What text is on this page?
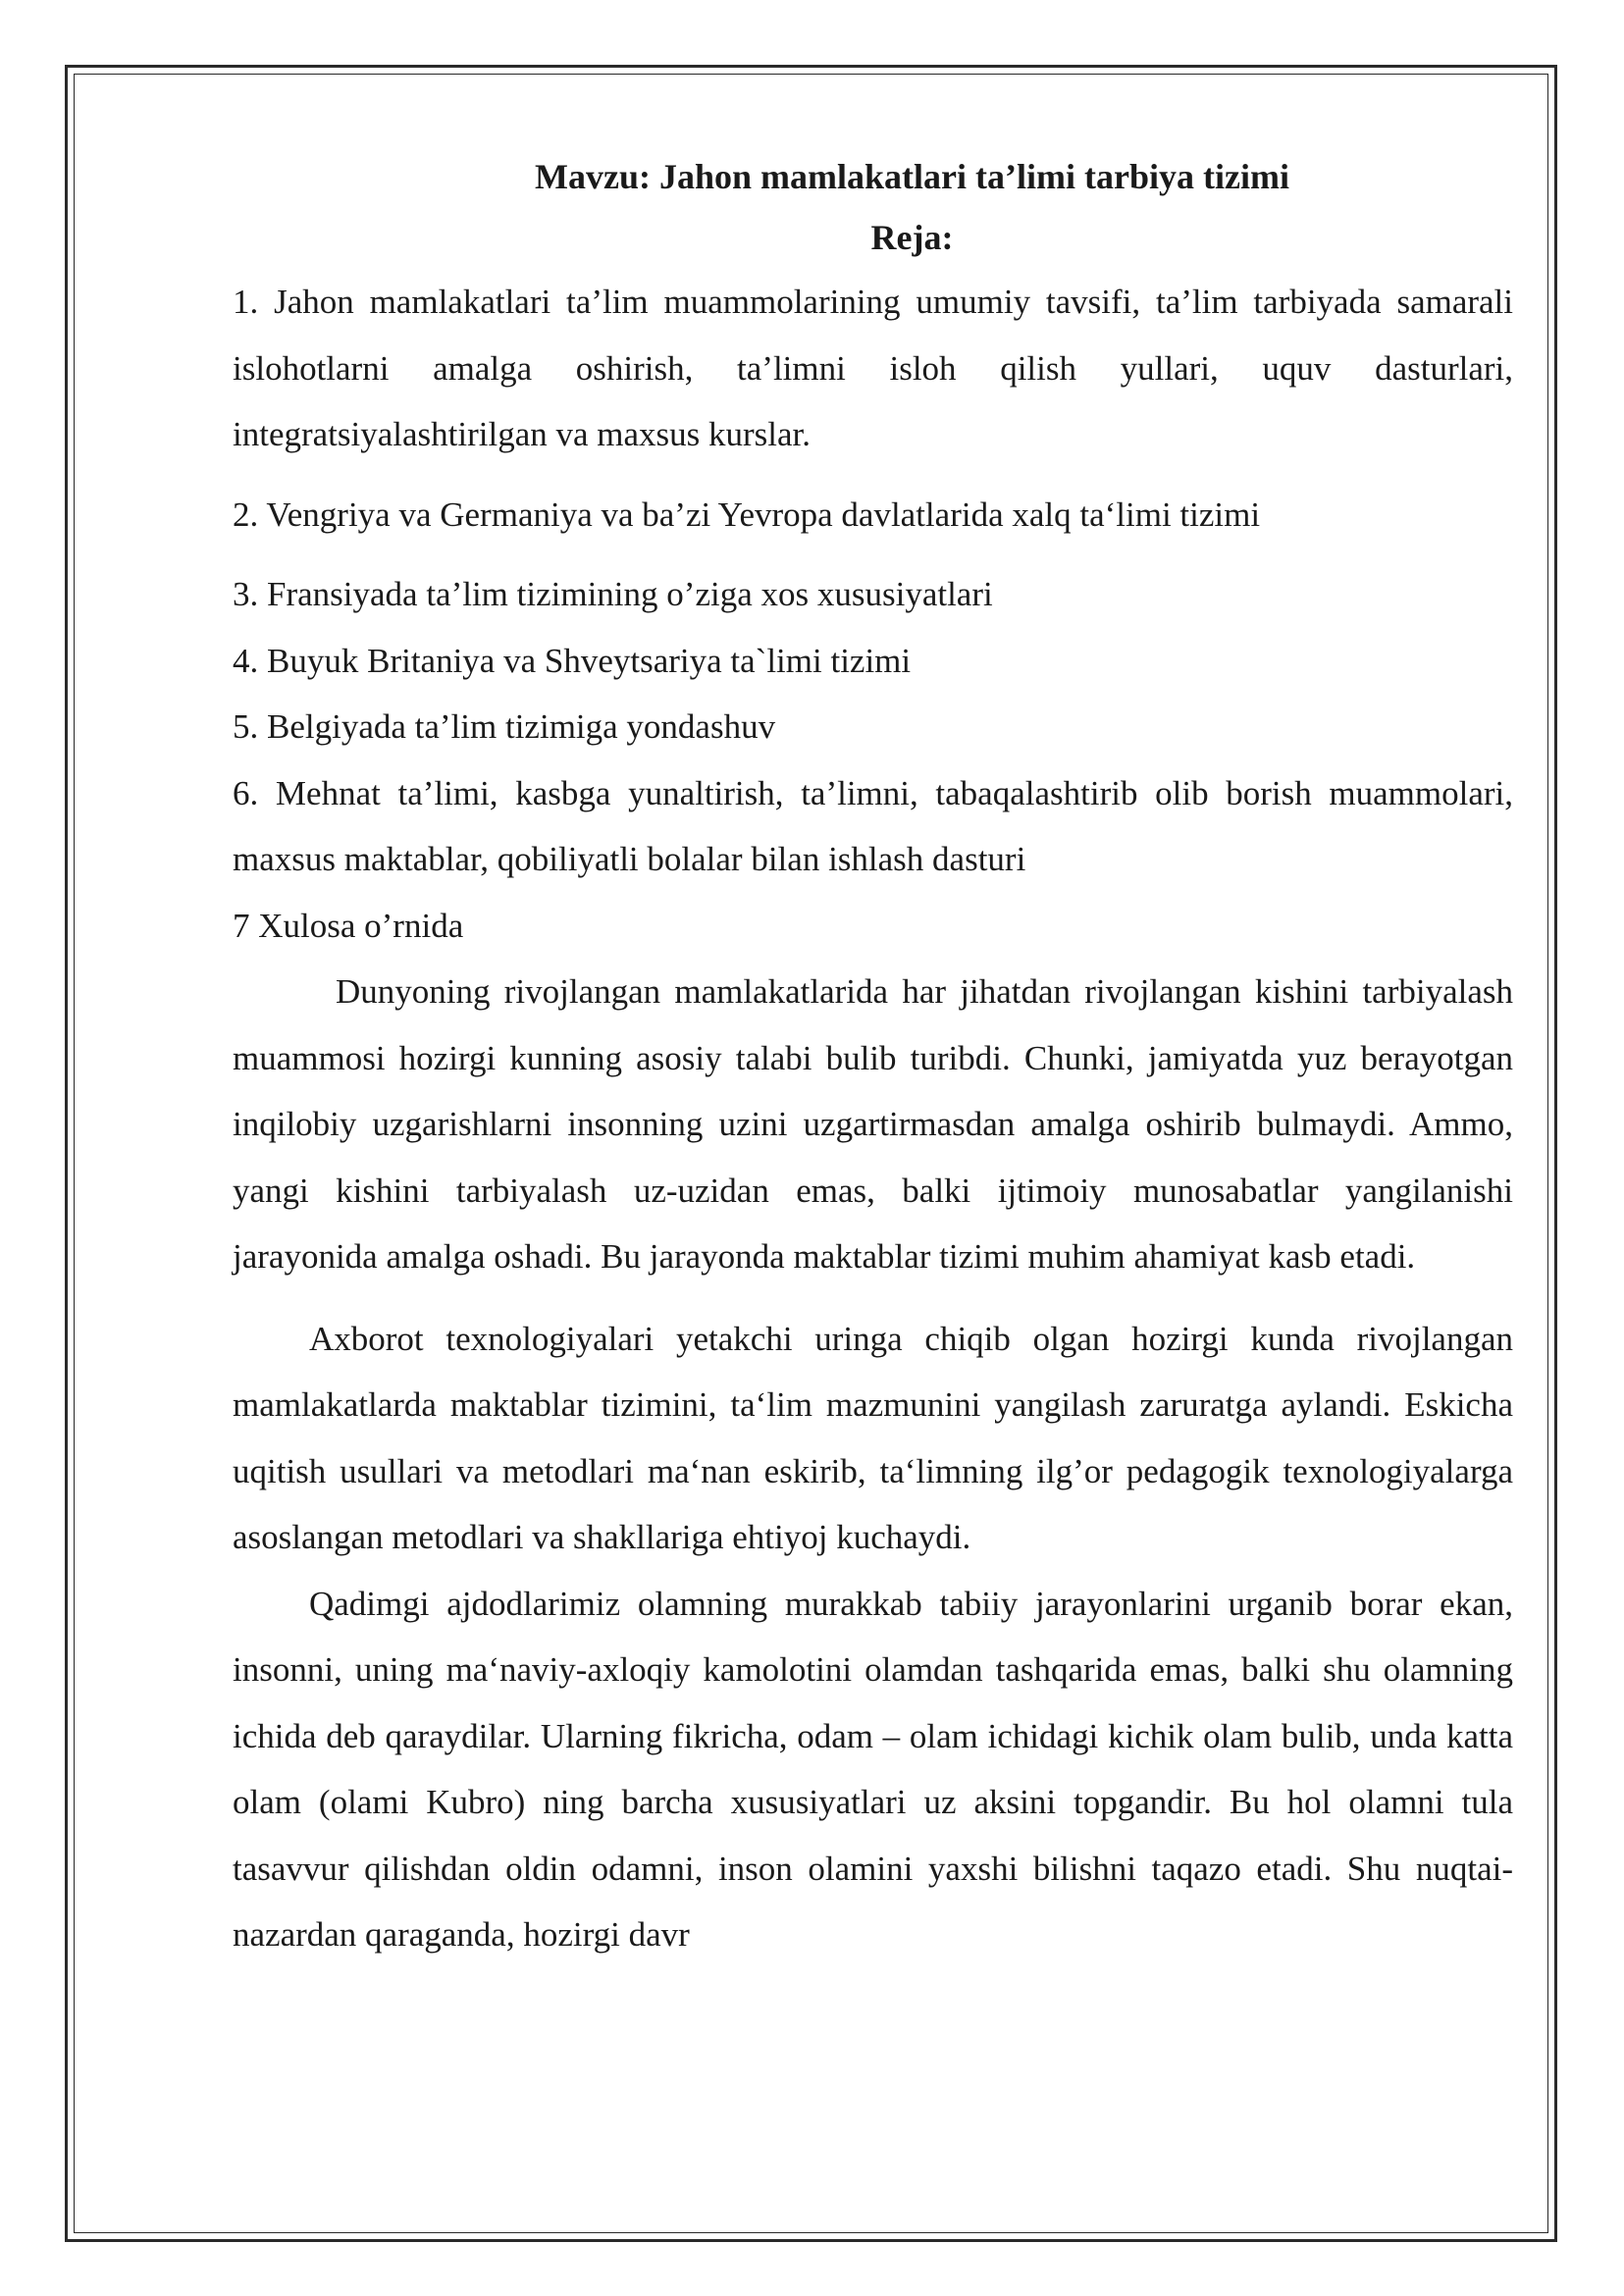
Mavzu: Jahon mamlakatlari ta’limi tarbiya tizimi
Reja:

1. Jahon mamlakatlari ta’lim muammolarining umumiy tavsifi, ta’lim tarbiyada samarali islohotlarni amalga oshirish, ta’limni isloh qilish yullari, uquv dasturlari, integratsiyalashtirilgan va maxsus kurslar.

2. Vengriya va Germaniya va ba’zi Yevropa davlatlarida xalq ta‘limi tizimi

3. Fransiyada ta’lim tizimining o’ziga xos xususiyatlari

4. Buyuk Britaniya va Shveytsariya ta`limi tizimi

5. Belgiyada ta’lim tizimiga yondashuv

6. Mehnat ta’limi, kasbga yunaltirish, ta’limni, tabaqalashtirib olib borish muammolari, maxsus maktablar, qobiliyatli bolalar bilan ishlash dasturi

7 Xulosa o’rnida

Dunyoning rivojlangan mamlakatlarida har jihatdan rivojlangan kishini tarbiyalash muammosi hozirgi kunning asosiy talabi bulib turibdi. Chunki, jamiyatda yuz berayotgan inqilobiy uzgarishlarni insonning uzini uzgartirmasdan amalga oshirib bulmaydi. Ammo, yangi kishini tarbiyalash uz-uzidan emas, balki ijtimoiy munosabatlar yangilanishi jarayonida amalga oshadi. Bu jarayonda maktablar tizimi muhim ahamiyat kasb etadi.

Axborot texnologiyalari yetakchi uringa chiqib olgan hozirgi kunda rivojlangan mamlakatlarda maktablar tizimini, ta‘lim mazmunini yangilash zaruratga aylandi. Eskicha uqitish usullari va metodlari ma‘nan eskirib, ta‘limning ilg’or pedagogik texnologiyalarga asoslangan metodlari va shakllariga ehtiyoj kuchaydi.

Qadimgi ajdodlarimiz olamning murakkab tabiiy jarayonlarini urganib borar ekan, insonni, uning ma‘naviy-axloqiy kamolotini olamdan tashqarida emas, balki shu olamning ichida deb qaraydilar. Ularning fikricha, odam – olam ichidagi kichik olam bulib, unda katta olam (olami Kubro) ning barcha xususiyatlari uz aksini topgandir. Bu hol olamni tula tasavvur qilishdan oldin odamni, inson olamini yaxshi bilishni taqazo etadi. Shu nuqtai-nazardan qaraganda, hozirgi davr
